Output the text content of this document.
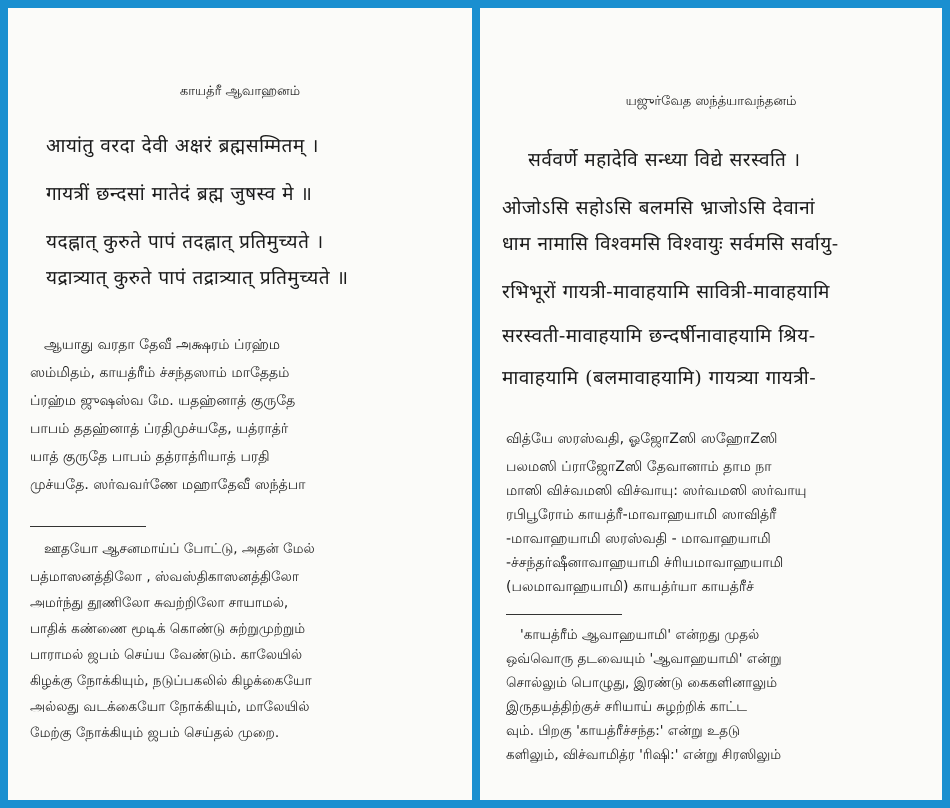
காயத்ரீ ஆவாஹனம்
आयांतु वरदा देवी अक्षरं ब्रह्मसम्मितम् ।
गायत्रीं छन्दसां मातेदं ब्रह्म जुषस्व मे ॥
यदह्नात् कुरुते पापं तदह्नात् प्रतिमुच्यते ।
यद्रात्र्यात् कुरुते पापं तद्रात्र्यात् प्रतिमुच्यते ॥
ஆயாது வரதா தேவீ அக்ஷரம் ப்ரஹ்ம
ஸம்மிதம், காயத்ரீம் ச்சந்தஸாம் மாதேதம்
ப்ரஹ்ம ஜுஷஸ்வ மே. யதஹ்னாத் குருதே
பாபம் ததஹ்னாத் ப்ரதிமுச்யதே, யத்ராத்ர்
யாத் குருதே பாபம் தத்ராத்ரியாத் பரதி
முச்யதே. ஸர்வவர்ணே மஹாதேவீ ஸந்த்பா
ஊதயோ ஆசனமாய்ப் போட்டு, அதன் மேல்
பத்மாஸனத்திலோ , ஸ்வஸ்திகாஸனத்திலோ
அமர்ந்து தூணிலோ சுவற்றிலோ சாயாமல்,
பாதிக் கண்ணை மூடிக் கொண்டு சுற்றுமுற்றும்
பாராமல் ஜபம் செய்ய வேண்டும். காலேயில்
கிழக்கு நோக்கியும், நடுப்பகலில் கிழக்கையோ
அல்லது வடக்கையோ நோக்கியும், மாலேயில்
மேற்கு நோக்கியும் ஜபம் செய்தல் முறை.
யஜுர்வேத ஸந்த்யாவந்தனம்
सर्ववर्णे महादेवि सन्ध्या विद्ये सरस्वति ।
ओजोऽसि सहोऽसि बलमसि भ्राजोऽसि देवानां
धाम नामासि विश्वमसि विश्वायुः सर्वमसि सर्वायु-
रभिभूरों गायत्री-मावाहयामि सावित्री-मावाहयामि
सरस्वती-मावाहयामि छन्दर्षीनावाहयामि श्रिय-
मावाहयामि (बलमावाहयामि) गायत्र्या गायत्री-
வித்யே ஸரஸ்வதி, ஓஜோZஸி ஸஹோZஸி
பலமஸி ப்ராஜோZஸி தேவானாம் தாம நா
மாஸி விச்வமஸி விச்வாயு: ஸர்வமஸி ஸர்வாயு
ரபிபூரோம் காயத்ரீ-மாவாஹயாமி ஸாவித்ரீ
-மாவாஹயாமி ஸரஸ்வதி - மாவாஹயாமி
-ச்சந்தர்ஷீனாவாஹயாமி ச்ரியமாவாஹயாமி
(பலமாவாஹயாமி) காயத்ர்யா காயத்ரீச்
'காயத்ரீம் ஆவாஹயாமி' என்றது முதல்
ஒவ்வொரு தடவையும் 'ஆவாஹயாமி' என்று
சொல்லும் பொழுது, இரண்டு கைகளினாலும்
இருதயத்திற்குச் சரியாய் சுழற்றிக் காட்ட
வும். பிறகு 'காயத்ரீச்சந்த:' என்று உதடு
களிலும், விச்வாமித்ர 'ரிஷி:' என்று சிரஸிலும்
